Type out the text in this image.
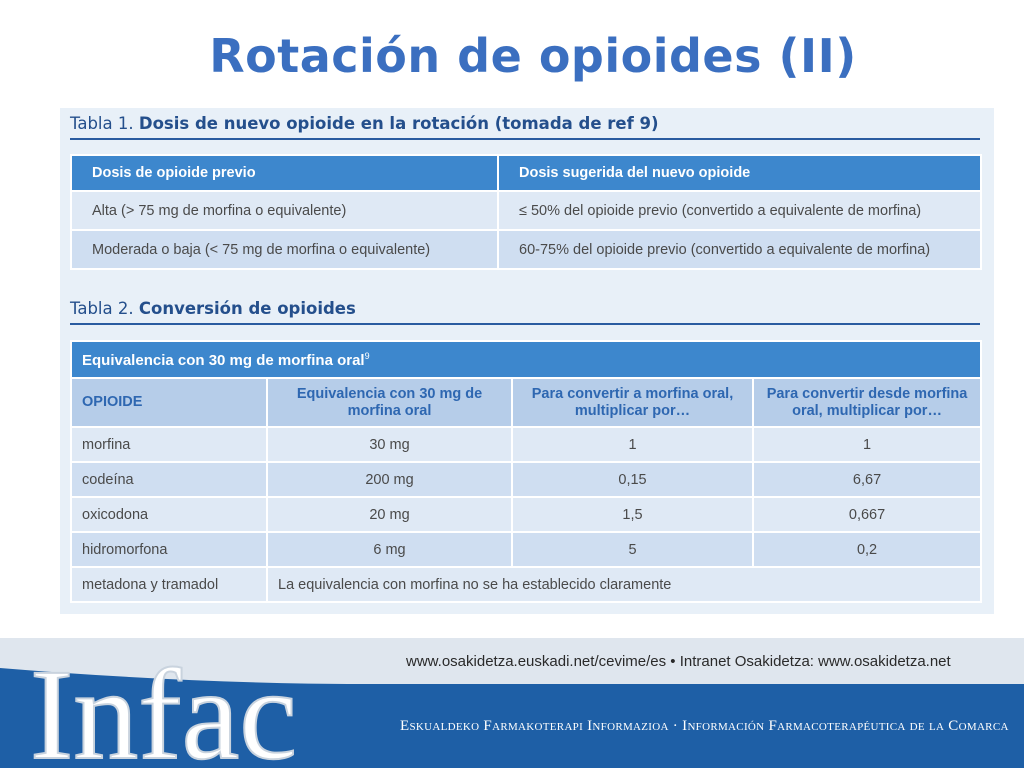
Rotación de opioides (II)
Tabla 1. Dosis de nuevo opioide en la rotación (tomada de ref 9)
Dosis de opioide previo	Dosis sugerida del nuevo opioide
Alta (> 75 mg de morfina o equivalente)	≤ 50% del opioide previo (convertido a equivalente de morfina)
Moderada o baja (< 75 mg de morfina o equivalente)	60-75% del opioide previo (convertido a equivalente de morfina)
Tabla 2. Conversión de opioides
Equivalencia con 30 mg de morfina oral$^9$
OPIOIDE	Equivalencia con 30 mg de morfina oral	Para convertir a morfina oral, multiplicar por…	Para convertir desde morfina oral, multiplicar por…
morfina	30 mg	1	1
codeína	200 mg	0,15	6,67
oxicodona	20 mg	1,5	0,667
hidromorfona	6 mg	5	0,2
metadona y tramadol	La equivalencia con morfina no se ha establecido claramente		
www.osakidetza.euskadi.net/cevime/es • Intranet Osakidetza: www.osakidetza.net
Eskualdeko Farmakoterapi Informazioa · Información Farmacoterapéutica de la Comarca
Infac
